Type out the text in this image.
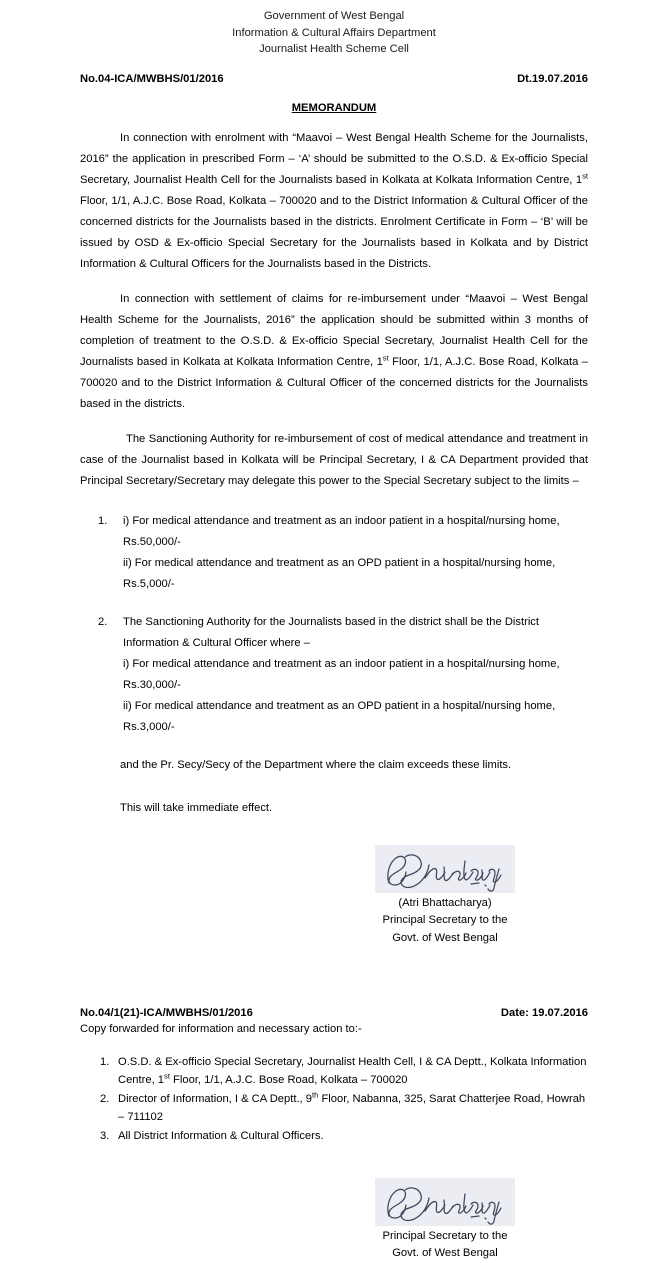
Government of West Bengal
Information & Cultural Affairs Department
Journalist Health Scheme Cell
No.04-ICA/MWBHS/01/2016	Dt.19.07.2016
MEMORANDUM

In connection with enrolment with “Maavoi – West Bengal Health Scheme for the Journalists, 2016” the application in prescribed Form – ‘A’ should be submitted to the O.S.D. & Ex-officio Special Secretary, Journalist Health Cell for the Journalists based in Kolkata at Kolkata Information Centre, 1st Floor, 1/1, A.J.C. Bose Road, Kolkata – 700020 and to the District Information & Cultural Officer of the concerned districts for the Journalists based in the districts. Enrolment Certificate in Form – ‘B’ will be issued by OSD & Ex-officio Special Secretary for the Journalists based in Kolkata and by District Information & Cultural Officers for the Journalists based in the Districts.

In connection with settlement of claims for re-imbursement under “Maavoi – West Bengal Health Scheme for the Journalists, 2016” the application should be submitted within 3 months of completion of treatment to the O.S.D. & Ex-officio Special Secretary, Journalist Health Cell for the Journalists based in Kolkata at Kolkata Information Centre, 1st Floor, 1/1, A.J.C. Bose Road, Kolkata – 700020 and to the District Information & Cultural Officer of the concerned districts for the Journalists based in the districts.

The Sanctioning Authority for re-imbursement of cost of medical attendance and treatment in case of the Journalist based in Kolkata will be Principal Secretary, I & CA Department provided that Principal Secretary/Secretary may delegate this power to the Special Secretary subject to the limits –

1.	i) For medical attendance and treatment as an indoor patient in a hospital/nursing home,
Rs.50,000/-
ii) For medical attendance and treatment as an OPD patient in a hospital/nursing home,
Rs.5,000/-
2.	The Sanctioning Authority for the Journalists based in the district shall be the District
Information & Cultural Officer where –
i) For medical attendance and treatment as an indoor patient in a hospital/nursing home,
Rs.30,000/-
ii) For medical attendance and treatment as an OPD patient in a hospital/nursing home,
Rs.3,000/-
and the Pr. Secy/Secy of the Department where the claim exceeds these limits.
This will take immediate effect.
(Atri Bhattacharya)
Principal Secretary to the
Govt. of West Bengal
No.04/1(21)-ICA/MWBHS/01/2016	Date: 19.07.2016
Copy forwarded for information and necessary action to:-
1. O.S.D. & Ex-officio Special Secretary, Journalist Health Cell, I & CA Deptt., Kolkata Information Centre, 1st Floor, 1/1, A.J.C. Bose Road, Kolkata – 700020
2. Director of Information, I & CA Deptt., 9th Floor, Nabanna, 325, Sarat Chatterjee Road, Howrah – 711102
3. All District Information & Cultural Officers.
Principal Secretary to the
Govt. of West Bengal
